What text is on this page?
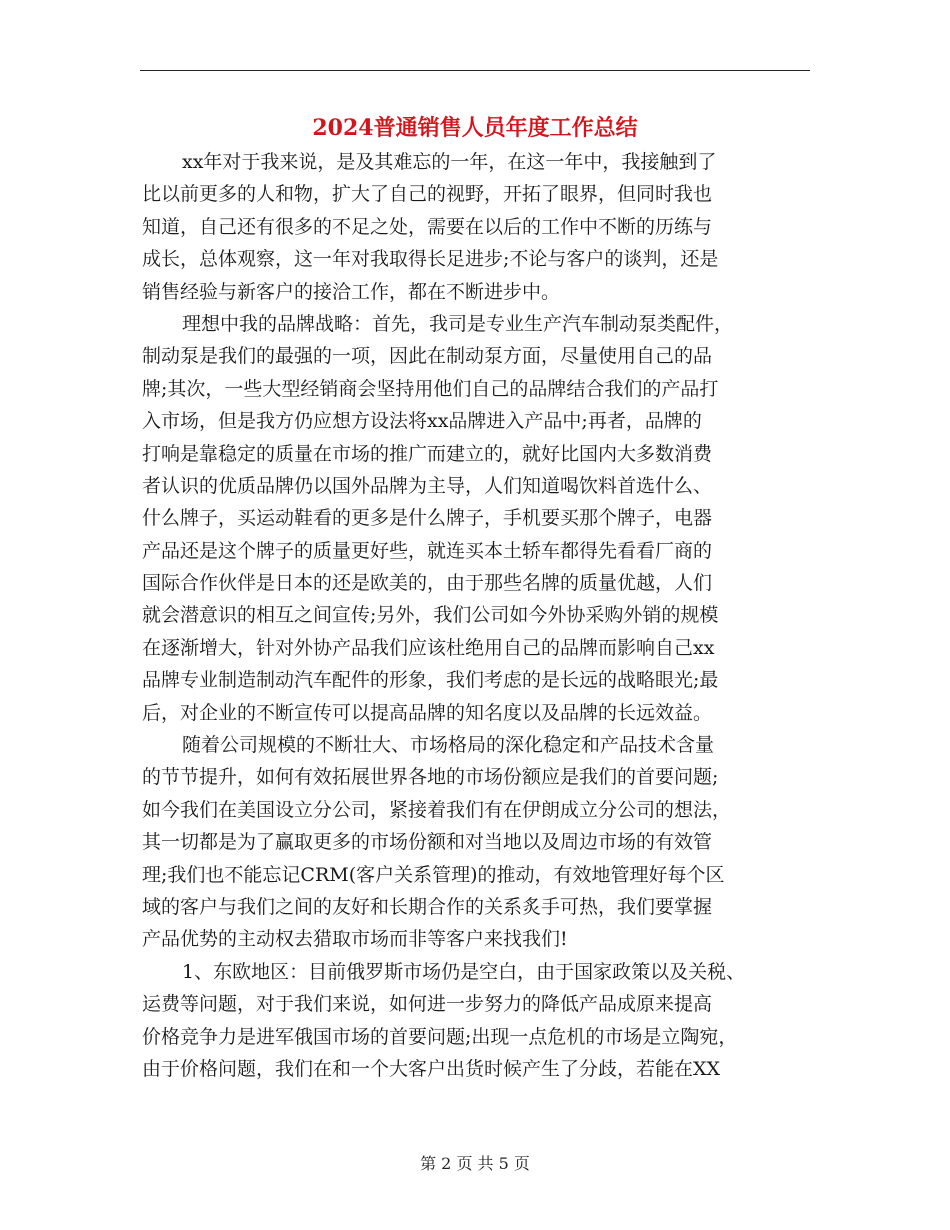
2024普通销售人员年度工作总结
xx年对于我来说，是及其难忘的一年，在这一年中，我接触到了
比以前更多的人和物，扩大了自己的视野，开拓了眼界，但同时我也
知道，自己还有很多的不足之处，需要在以后的工作中不断的历练与
成长，总体观察，这一年对我取得长足进步;不论与客户的谈判，还是
销售经验与新客户的接洽工作，都在不断进步中。
理想中我的品牌战略：首先，我司是专业生产汽车制动泵类配件，
制动泵是我们的最强的一项，因此在制动泵方面，尽量使用自己的品
牌;其次，一些大型经销商会坚持用他们自己的品牌结合我们的产品打
入市场，但是我方仍应想方设法将xx品牌进入产品中;再者，品牌的
打响是靠稳定的质量在市场的推广而建立的，就好比国内大多数消费
者认识的优质品牌仍以国外品牌为主导，人们知道喝饮料首选什么、
什么牌子，买运动鞋看的更多是什么牌子，手机要买那个牌子，电器
产品还是这个牌子的质量更好些，就连买本土轿车都得先看看厂商的
国际合作伙伴是日本的还是欧美的，由于那些名牌的质量优越，人们
就会潜意识的相互之间宣传;另外，我们公司如今外协采购外销的规模
在逐渐增大，针对外协产品我们应该杜绝用自己的品牌而影响自己xx
品牌专业制造制动汽车配件的形象，我们考虑的是长远的战略眼光;最
后，对企业的不断宣传可以提高品牌的知名度以及品牌的长远效益。
随着公司规模的不断壮大、市场格局的深化稳定和产品技术含量
的节节提升，如何有效拓展世界各地的市场份额应是我们的首要问题;
如今我们在美国设立分公司，紧接着我们有在伊朗成立分公司的想法，
其一切都是为了赢取更多的市场份额和对当地以及周边市场的有效管
理;我们也不能忘记CRM(客户关系管理)的推动，有效地管理好每个区
域的客户与我们之间的友好和长期合作的关系炙手可热，我们要掌握
产品优势的主动权去猎取市场而非等客户来找我们!
1、东欧地区：目前俄罗斯市场仍是空白，由于国家政策以及关税、
运费等问题，对于我们来说，如何进一步努力的降低产品成原来提高
价格竞争力是进军俄国市场的首要问题;出现一点危机的市场是立陶宛，
由于价格问题，我们在和一个大客户出货时候产生了分歧，若能在XX
第 2 页 共 5 页
